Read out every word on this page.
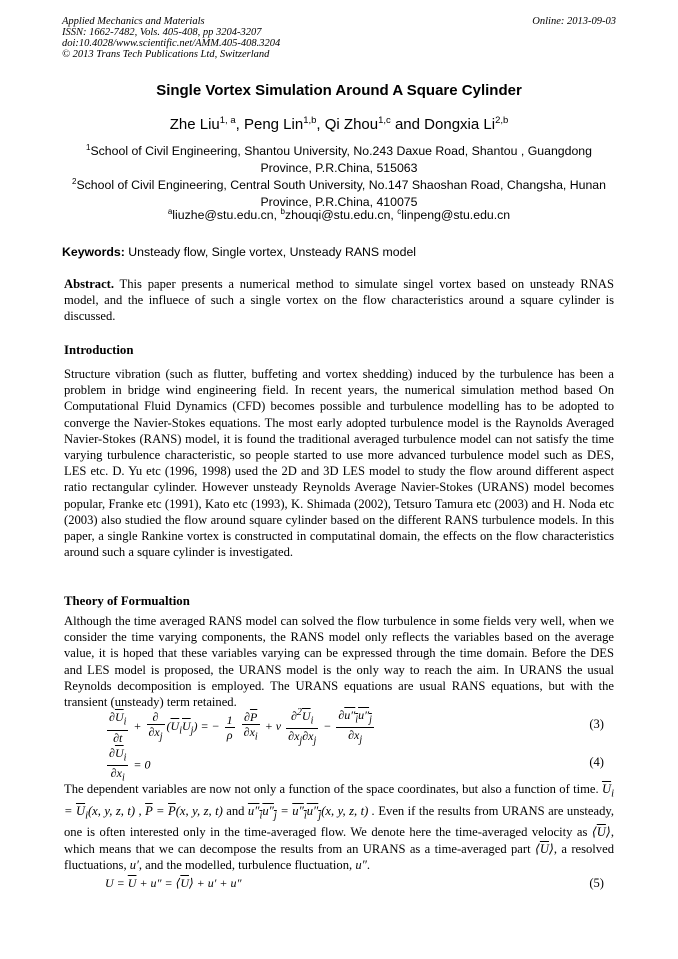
Applied Mechanics and Materials
ISSN: 1662-7482, Vols. 405-408, pp 3204-3207
doi:10.4028/www.scientific.net/AMM.405-408.3204
© 2013 Trans Tech Publications Ltd, Switzerland
Online: 2013-09-03
Single Vortex Simulation Around A Square Cylinder
Zhe Liu$^{1, a}$, Peng Lin$^{1,b}$, Qi Zhou$^{1,c}$ and Dongxia Li$^{2,b}$
$^1$School of Civil Engineering, Shantou University, No.243 Daxue Road, Shantou , Guangdong Province, P.R.China, 515063
$^2$School of Civil Engineering, Central South University, No.147 Shaoshan Road, Changsha, Hunan Province, P.R.China, 410075
$^a$liuzhe@stu.edu.cn, $^b$zhouqi@stu.edu.cn, $^c$linpeng@stu.edu.cn
Keywords: Unsteady flow, Single vortex, Unsteady RANS model
Abstract. This paper presents a numerical method to simulate singel vortex based on unsteady RNAS model, and the influece of such a single vortex on the flow characteristics around a square cylinder is discussed.
Introduction
Structure vibration (such as flutter, buffeting and vortex shedding) induced by the turbulence has been a problem in bridge wind engineering field. In recent years, the numerical simulation method based On Computational Fluid Dynamics (CFD) becomes possible and turbulence modelling has to be adopted to converge the Navier-Stokes equations. The most early adopted turbulence model is the Raynolds Averaged Navier-Stokes (RANS) model, it is found the traditional averaged turbulence model can not satisfy the time varying turbulence characteristic, so people started to use more advanced turbulence model such as DES, LES etc. D. Yu etc (1996, 1998) used the 2D and 3D LES model to study the flow around different aspect ratio rectangular cylinder. However unsteady Reynolds Average Navier-Stokes (URANS) model becomes popular, Franke etc (1991), Kato etc (1993), K. Shimada (2002), Tetsuro Tamura etc (2003) and H. Noda etc (2003) also studied the flow around square cylinder based on the different RANS turbulence models. In this paper, a single Rankine vortex is constructed in computatinal domain, the effects on the flow characteristics around such a square cylinder is investigated.
Theory of Formualtion
Although the time averaged RANS model can solved the flow turbulence in some fields very well, when we consider the time varying components, the RANS model only reflects the variables based on the average value, it is hoped that these variables varying can be expressed through the time domain. Before the DES and LES model is proposed, the URANS model is the only way to reach the aim. In URANS the usual Reynolds decomposition is employed. The URANS equations are usual RANS equations, but with the transient (unsteady) term retained.
$\frac{\partial\overline{U}_i}{\partial t} + \frac{\partial}{\partial x_j} (\overline{U}_i\overline{U}_j)$ = − $\frac{1}{\rho}$
$\frac{\partial\overline{P}}{\partial x_i} + \nu \frac{\partial^2\overline{U}_i}{\partial x_j\partial x_j} - \frac{\partial u''_iu''_j}{\partial x_j}$	(3)
$\frac{\partial\overline{U}_i}{\partial x_i} = 0$	(4)
The dependent variables are now not only a function of the space coordinates, but also a function of time. $\overline{U}_i = \overline{U}_i(x$, y, z, t) , $\overline{P} = \overline{P}(x$, y, z, t) and $u''_iu''_j = u''_iu''_j(x$, y, z, t) . Even if the results from URANS are unsteady, one is often interested only in the time-averaged flow. We denote here the time-averaged velocity as $⟨\overline{U}⟩$, which means that we can decompose the results from an URANS as a time-averaged part $⟨\overline{U}⟩$, a resolved fluctuations, u′, and the modelled, turbulence fluctuation, u″.
$U = \overline{U} + u''$ = $⟨\overline{U}⟩ + u' + u''$	(5)
